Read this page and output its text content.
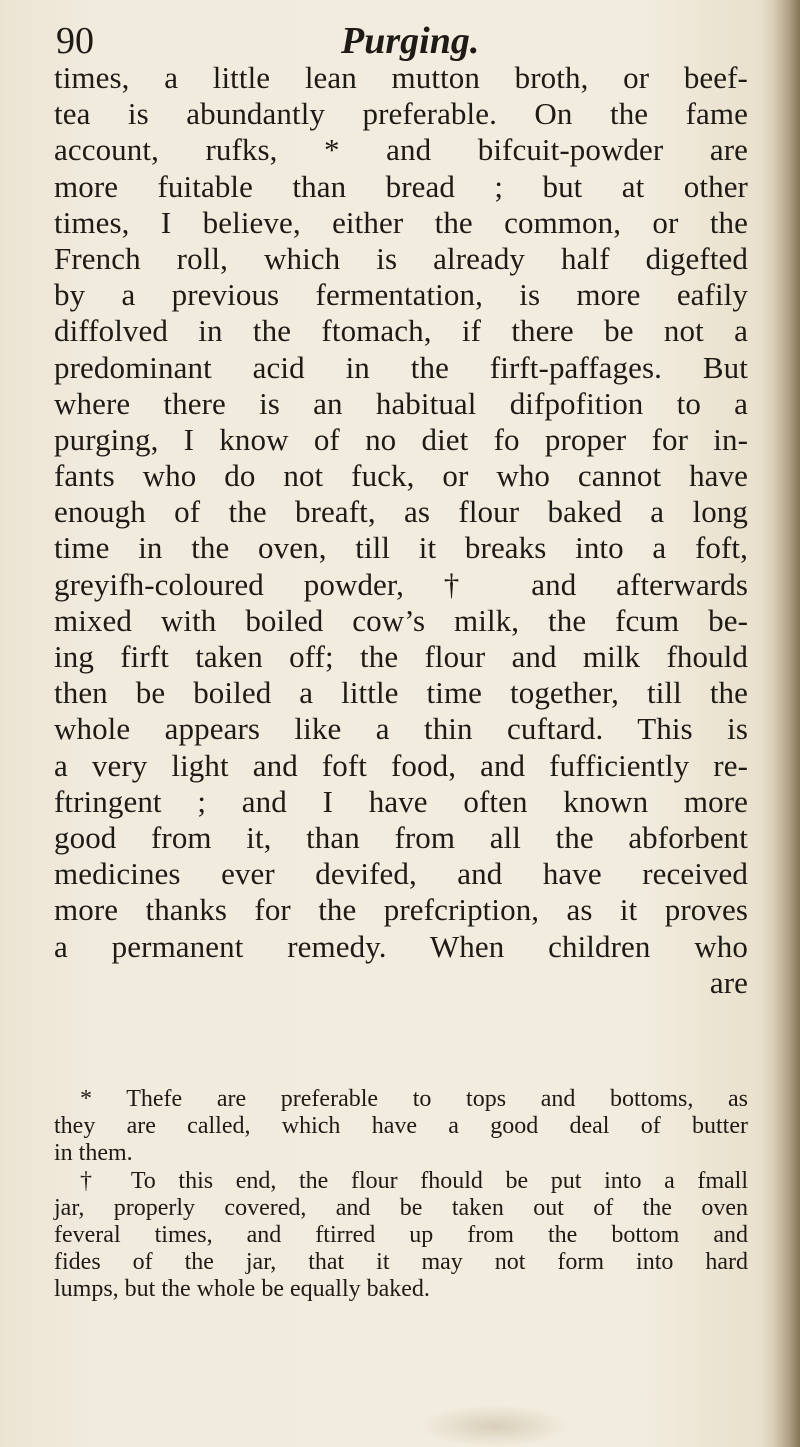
90	Purging.
times, a little lean mutton broth, or beef-
tea is abundantly preferable. On the fame
account, rufks, * and bifcuit-powder are
more fuitable than bread ; but at other
times, I believe, either the common, or the
French roll, which is already half digefted
by a previous fermentation, is more eafily
diffolved in the ftomach, if there be not a
predominant acid in the firft-paffages. But
where there is an habitual difpofition to a
purging, I know of no diet fo proper for in-
fants who do not fuck, or who cannot have
enough of the breaft, as flour baked a long
time in the oven, till it breaks into a foft,
greyifh-coloured powder, † and afterwards
mixed with boiled cow’s milk, the fcum be-
ing firft taken off; the flour and milk fhould
then be boiled a little time together, till the
whole appears like a thin cuftard. This is
a very light and foft food, and fufficiently re-
ftringent ; and I have often known more
good from it, than from all the abforbent
medicines ever devifed, and have received
more thanks for the prefcription, as it proves
a permanent remedy. When children who
are
* Thefe are preferable to tops and bottoms, as
they are called, which have a good deal of butter
in them.
† To this end, the flour fhould be put into a fmall
jar, properly covered, and be taken out of the oven
feveral times, and ftirred up from the bottom and
fides of the jar, that it may not form into hard
lumps, but the whole be equally baked.
